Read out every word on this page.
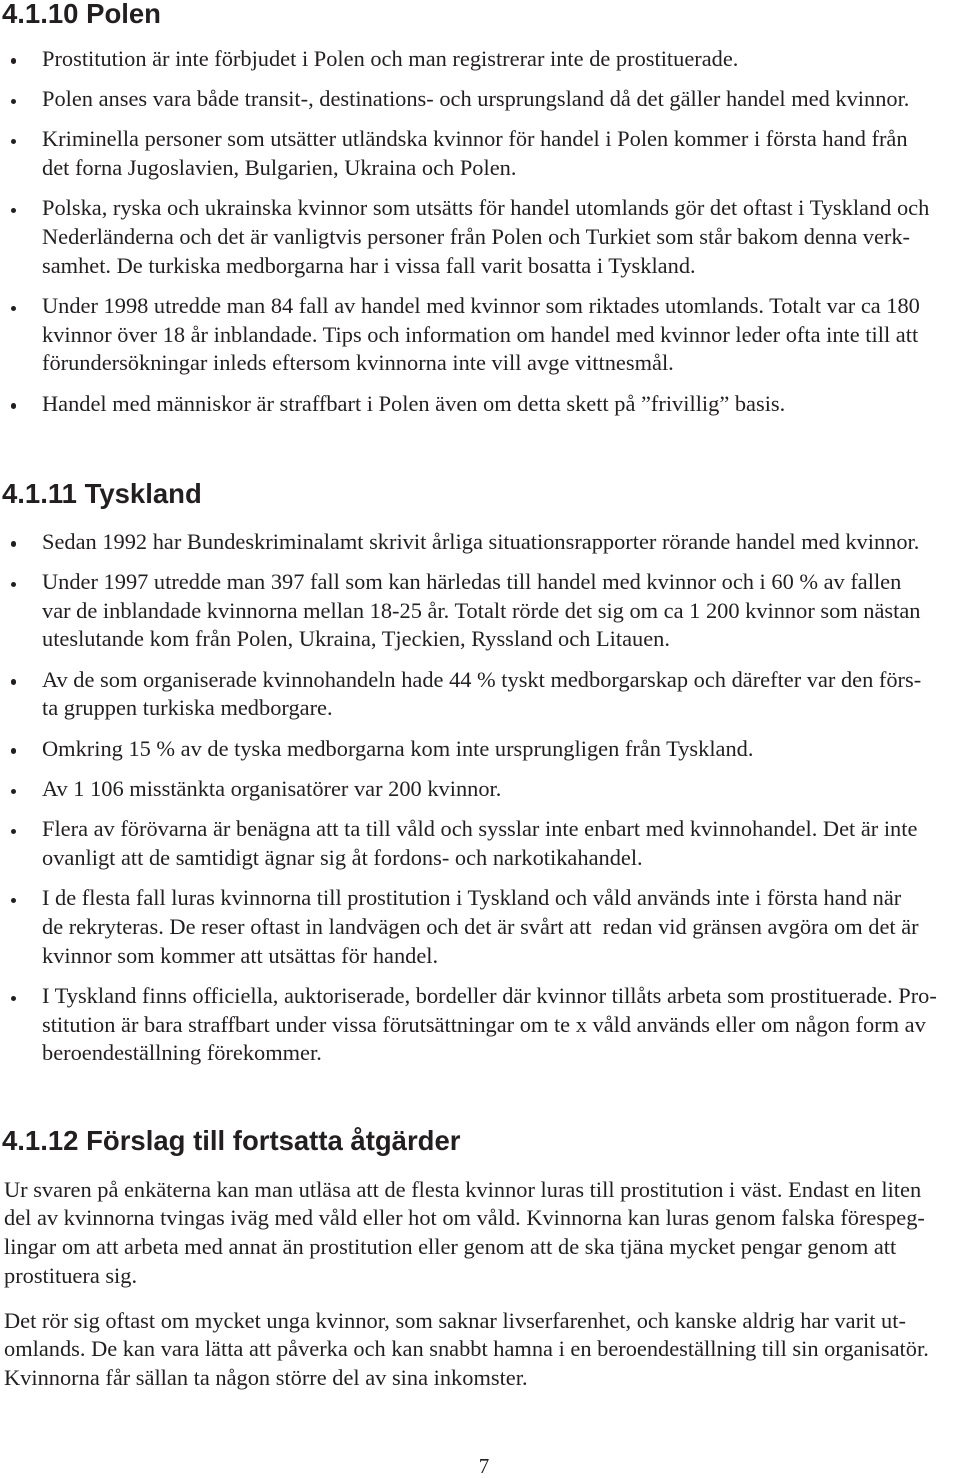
4.1.10 Polen
Prostitution är inte förbjudet i Polen och man registrerar inte de prostituerade.
Polen anses vara både transit-, destinations- och ursprungsland då det gäller handel med kvinnor.
Kriminella personer som utsätter utländska kvinnor för handel i Polen kommer i första hand från
det forna Jugoslavien, Bulgarien, Ukraina och Polen.
Polska, ryska och ukrainska kvinnor som utsätts för handel utomlands gör det oftast i Tyskland och
Nederländerna och det är vanligtvis personer från Polen och Turkiet som står bakom denna verk-
samhet. De turkiska medborgarna har i vissa fall varit bosatta i Tyskland.
Under 1998 utredde man 84 fall av handel med kvinnor som riktades utomlands. Totalt var ca 180
kvinnor över 18 år inblandade. Tips och information om handel med kvinnor leder ofta inte till att
förundersökningar inleds eftersom kvinnorna inte vill avge vittnesmål.
Handel med människor är straffbart i Polen även om detta skett på ”frivillig” basis.
4.1.11 Tyskland
Sedan 1992 har Bundeskriminalamt skrivit årliga situationsrapporter rörande handel med kvinnor.
Under 1997 utredde man 397 fall som kan härledas till handel med kvinnor och i 60 % av fallen
var de inblandade kvinnorna mellan 18-25 år. Totalt rörde det sig om ca 1 200 kvinnor som nästan
uteslutande kom från Polen, Ukraina, Tjeckien, Ryssland och Litauen.
Av de som organiserade kvinnohandeln hade 44 % tyskt medborgarskap och därefter var den förs-
ta gruppen turkiska medborgare.
Omkring 15 % av de tyska medborgarna kom inte ursprungligen från Tyskland.
Av 1 106 misstänkta organisatörer var 200 kvinnor.
Flera av förövarna är benägna att ta till våld och sysslar inte enbart med kvinnohandel. Det är inte
ovanligt att de samtidigt ägnar sig åt fordons- och narkotikahandel.
I de flesta fall luras kvinnorna till prostitution i Tyskland och våld används inte i första hand när
de rekryteras. De reser oftast in landvägen och det är svårt att  redan vid gränsen avgöra om det är
kvinnor som kommer att utsättas för handel.
I Tyskland finns officiella, auktoriserade, bordeller där kvinnor tillåts arbeta som prostituerade. Pro-
stitution är bara straffbart under vissa förutsättningar om te x våld används eller om någon form av
beroendeställning förekommer.
4.1.12 Förslag till fortsatta åtgärder

Ur svaren på enkäterna kan man utläsa att de flesta kvinnor luras till prostitution i väst. Endast en liten
del av kvinnorna tvingas iväg med våld eller hot om våld. Kvinnorna kan luras genom falska förespeg-
lingar om att arbeta med annat än prostitution eller genom att de ska tjäna mycket pengar genom att
prostituera sig.

Det rör sig oftast om mycket unga kvinnor, som saknar livserfarenhet, och kanske aldrig har varit ut-
omlands. De kan vara lätta att påverka och kan snabbt hamna i en beroendeställning till sin organisatör.
Kvinnorna får sällan ta någon större del av sina inkomster.

7
